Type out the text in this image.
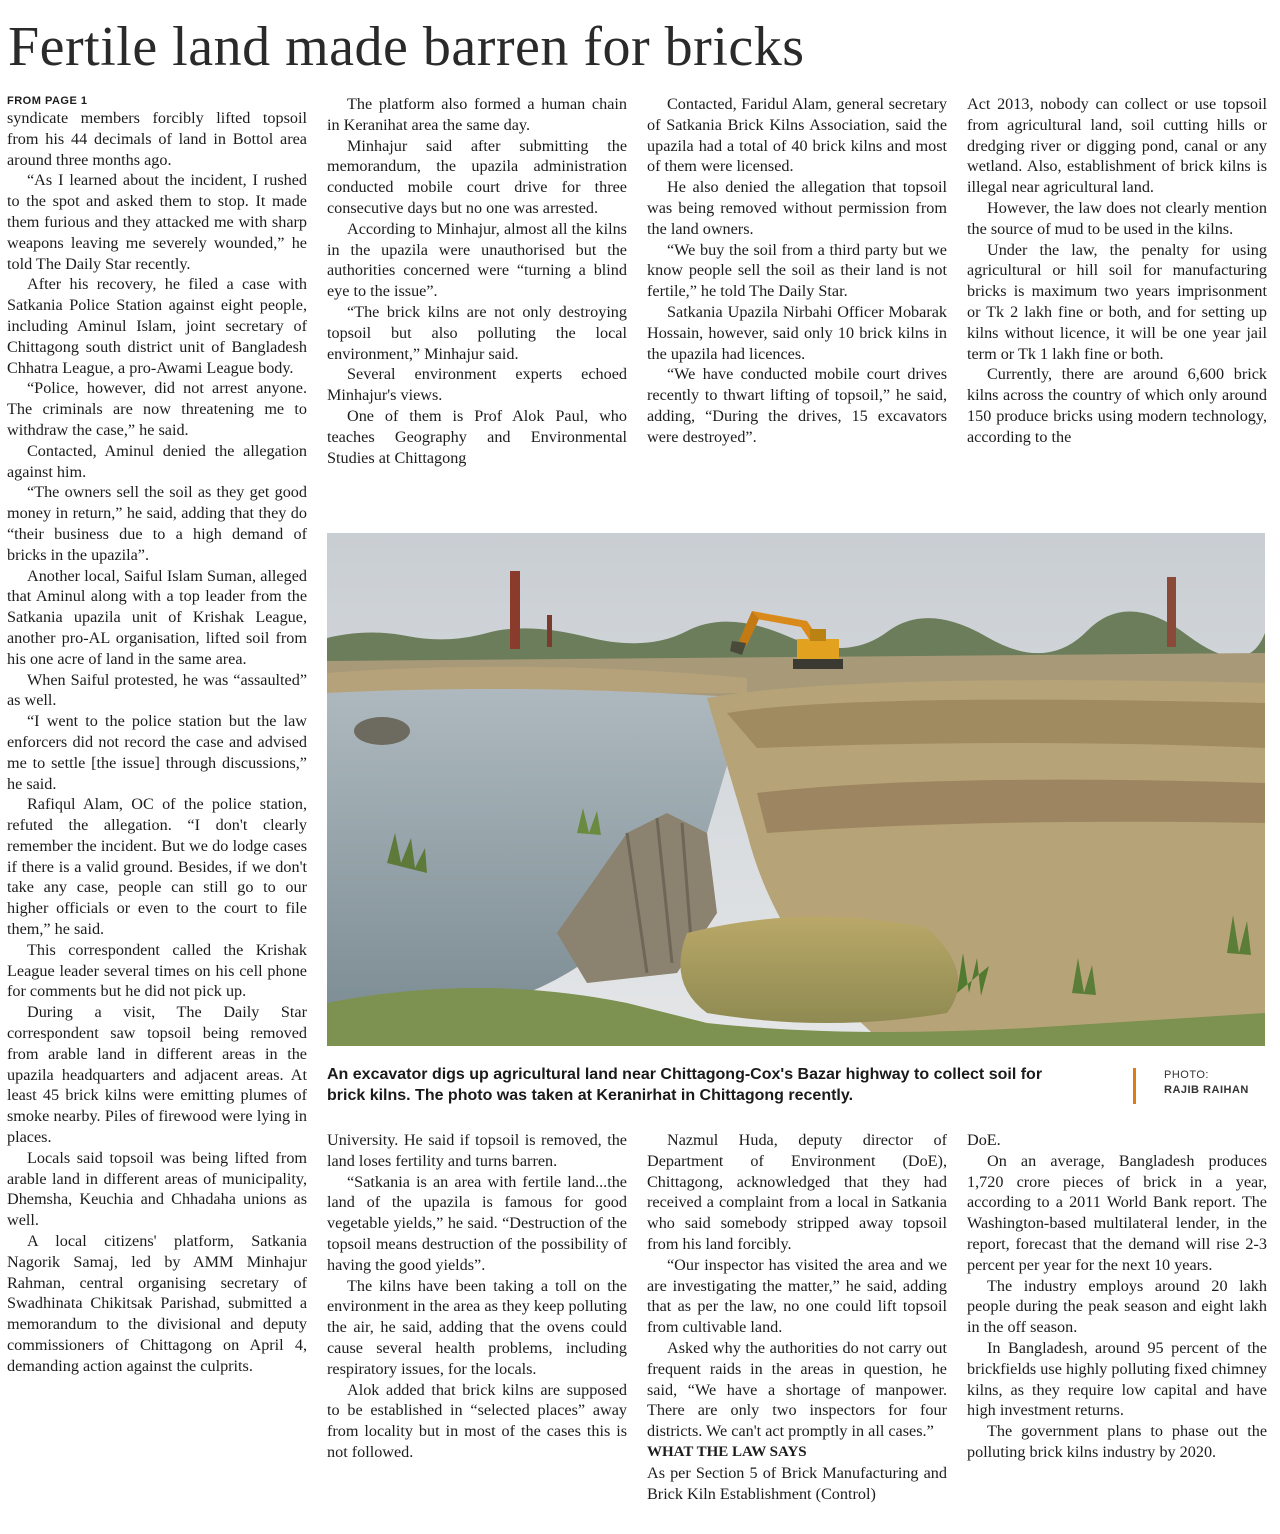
Fertile land made barren for bricks
FROM PAGE 1

syndicate members forcibly lifted topsoil from his 44 decimals of land in Bottol area around three months ago.

“As I learned about the incident, I rushed to the spot and asked them to stop. It made them furious and they attacked me with sharp weapons leaving me severely wounded,” he told The Daily Star recently.

After his recovery, he filed a case with Satkania Police Station against eight people, including Aminul Islam, joint secretary of Chittagong south district unit of Bangladesh Chhatra League, a pro-Awami League body.

“Police, however, did not arrest anyone. The criminals are now threatening me to withdraw the case,” he said.

Contacted, Aminul denied the allegation against him.

“The owners sell the soil as they get good money in return,” he said, adding that they do “their business due to a high demand of bricks in the upazila”.

Another local, Saiful Islam Suman, alleged that Aminul along with a top leader from the Satkania upazila unit of Krishak League, another pro-AL organisation, lifted soil from his one acre of land in the same area.

When Saiful protested, he was “assaulted” as well.

“I went to the police station but the law enforcers did not record the case and advised me to settle [the issue] through discussions,” he said.

Rafiqul Alam, OC of the police station, refuted the allegation. “I don't clearly remember the incident. But we do lodge cases if there is a valid ground. Besides, if we don't take any case, people can still go to our higher officials or even to the court to file them,” he said.

This correspondent called the Krishak League leader several times on his cell phone for comments but he did not pick up.

During a visit, The Daily Star correspondent saw topsoil being removed from arable land in different areas in the upazila headquarters and adjacent areas. At least 45 brick kilns were emitting plumes of smoke nearby. Piles of firewood were lying in places.

Locals said topsoil was being lifted from arable land in different areas of municipality, Dhemsha, Keuchia and Chhadaha unions as well.

A local citizens' platform, Satkania Nagorik Samaj, led by AMM Minhajur Rahman, central organising secretary of Swadhinata Chikitsak Parishad, submitted a memorandum to the divisional and deputy commissioners of Chittagong on April 4, demanding action against the culprits.

The platform also formed a human chain in Keranihat area the same day.

Minhajur said after submitting the memorandum, the upazila administration conducted mobile court drive for three consecutive days but no one was arrested.

According to Minhajur, almost all the kilns in the upazila were unauthorised but the authorities concerned were “turning a blind eye to the issue”.

“The brick kilns are not only destroying topsoil but also polluting the local environment,” Minhajur said.

Several environment experts echoed Minhajur's views.

One of them is Prof Alok Paul, who teaches Geography and Environmental Studies at Chittagong

Contacted, Faridul Alam, general secretary of Satkania Brick Kilns Association, said the upazila had a total of 40 brick kilns and most of them were licensed.

He also denied the allegation that topsoil was being removed without permission from the land owners.

“We buy the soil from a third party but we know people sell the soil as their land is not fertile,” he told The Daily Star.

Satkania Upazila Nirbahi Officer Mobarak Hossain, however, said only 10 brick kilns in the upazila had licences.

“We have conducted mobile court drives recently to thwart lifting of topsoil,” he said, adding, “During the drives, 15 excavators were destroyed”.

Act 2013, nobody can collect or use topsoil from agricultural land, soil cutting hills or dredging river or digging pond, canal or any wetland. Also, establishment of brick kilns is illegal near agricultural land.

However, the law does not clearly mention the source of mud to be used in the kilns.

Under the law, the penalty for using agricultural or hill soil for manufacturing bricks is maximum two years imprisonment or Tk 2 lakh fine or both, and for setting up kilns without licence, it will be one year jail term or Tk 1 lakh fine or both.

Currently, there are around 6,600 brick kilns across the country of which only around 150 produce bricks using modern technology, according to the

An excavator digs up agricultural land near Chittagong-Cox's Bazar highway to collect soil for brick kilns. The photo was taken at Keranirhat in Chittagong recently.
PHOTO:
RAJIB RAIHAN

University. He said if topsoil is removed, the land loses fertility and turns barren.

“Satkania is an area with fertile land...the land of the upazila is famous for good vegetable yields,” he said. “Destruction of the topsoil means destruction of the possibility of having the good yields”.

The kilns have been taking a toll on the environment in the area as they keep polluting the air, he said, adding that the ovens could cause several health problems, including respiratory issues, for the locals.

Alok added that brick kilns are supposed to be established in “selected places” away from locality but in most of the cases this is not followed.

Nazmul Huda, deputy director of Department of Environment (DoE), Chittagong, acknowledged that they had received a complaint from a local in Satkania who said somebody stripped away topsoil from his land forcibly.

“Our inspector has visited the area and we are investigating the matter,” he said, adding that as per the law, no one could lift topsoil from cultivable land.

Asked why the authorities do not carry out frequent raids in the areas in question, he said, “We have a shortage of manpower. There are only two inspectors for four districts. We can't act promptly in all cases.”

WHAT THE LAW SAYS

As per Section 5 of Brick Manufacturing and Brick Kiln Establishment (Control)

DoE.

On an average, Bangladesh produces 1,720 crore pieces of brick in a year, according to a 2011 World Bank report. The Washington-based multilateral lender, in the report, forecast that the demand will rise 2-3 percent per year for the next 10 years.

The industry employs around 20 lakh people during the peak season and eight lakh in the off season.

In Bangladesh, around 95 percent of the brickfields use highly polluting fixed chimney kilns, as they require low capital and have high investment returns.

The government plans to phase out the polluting brick kilns industry by 2020.
